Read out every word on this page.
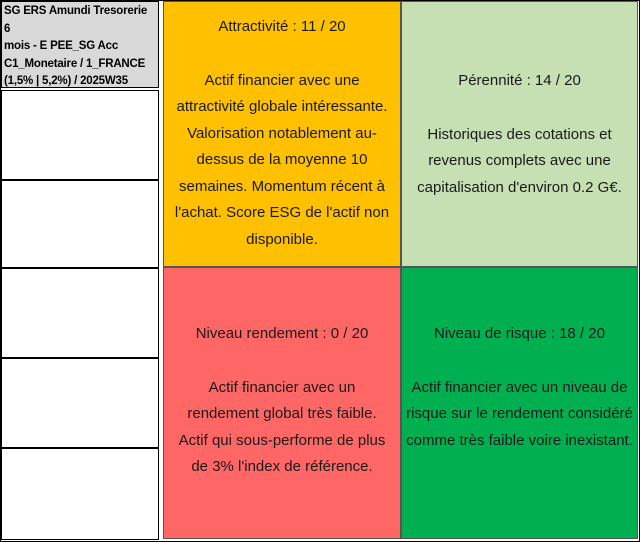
SG ERS Amundi Tresorerie 6
mois - E PEE_SG Acc
C1_Monetaire / 1_FRANCE
(1,5% | 5,2%) / 2025W35
Attractivité : 11 / 20
Actif financier avec une attractivité globale intéressante. Valorisation notablement au-dessus de la moyenne 10 semaines. Momentum récent à l'achat. Score ESG de l'actif non disponible.
Pérennité : 14 / 20
Historiques des cotations et revenus complets avec une capitalisation d'environ 0.2 G€.
Niveau rendement : 0 / 20
Actif financier avec un rendement global très faible. Actif qui sous-performe de plus de 3% l'index de référence.
Niveau de risque : 18 / 20
Actif financier avec un niveau de risque sur le rendement considéré comme très faible voire inexistant.
